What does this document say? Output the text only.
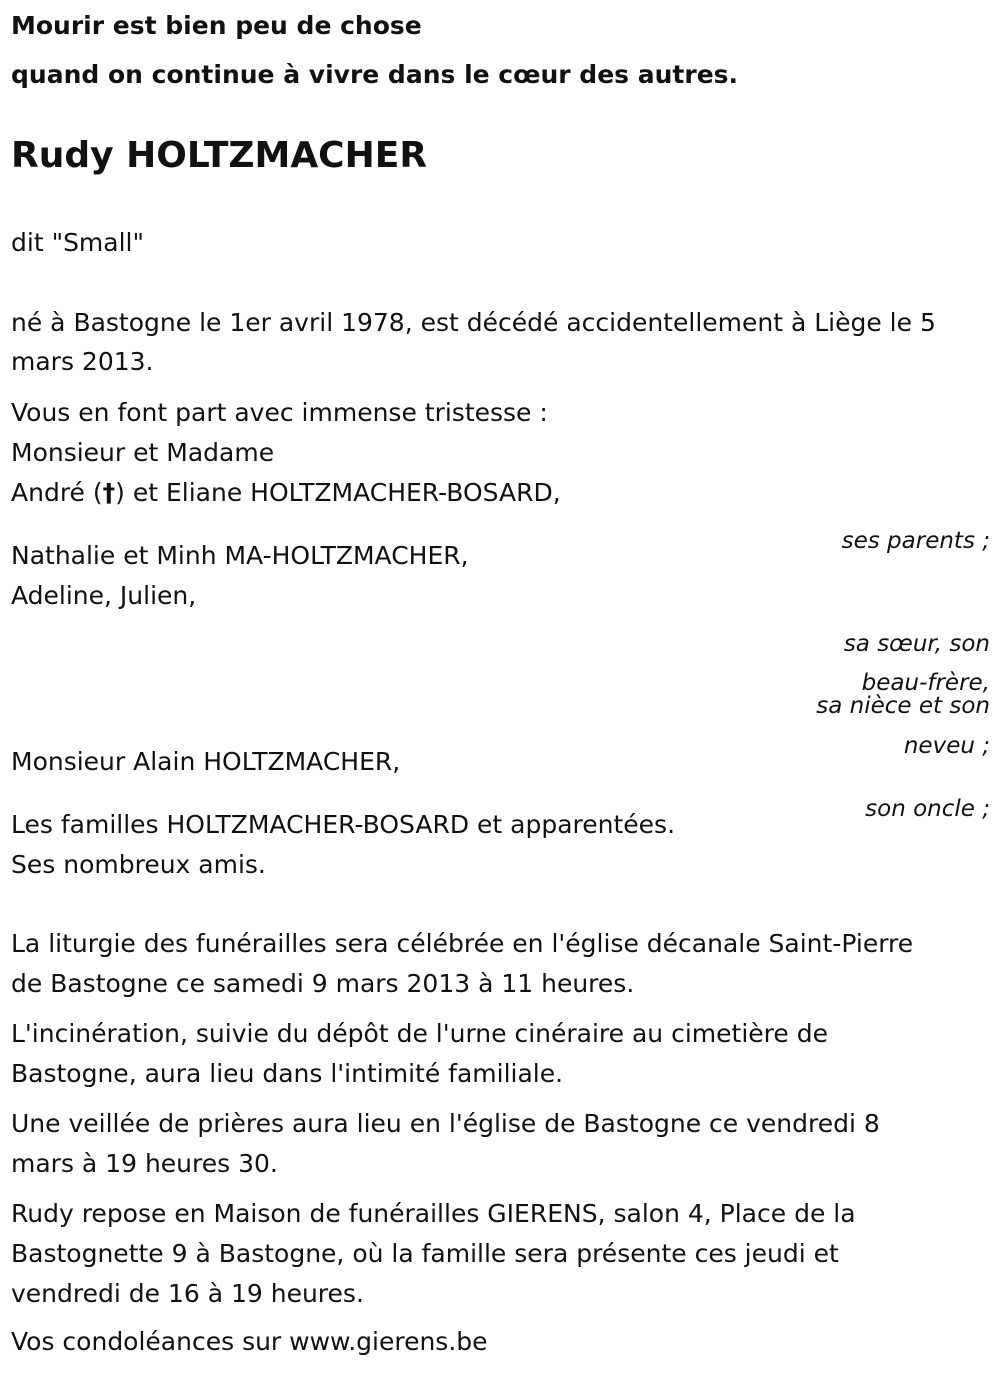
Mourir est bien peu de chose

quand on continue à vivre dans le cœur des autres.

Rudy HOLTZMACHER

dit "Small"

né à Bastogne le 1er avril 1978, est décédé accidentellement à Liège le 5

mars 2013.

Vous en font part avec immense tristesse :

Monsieur et Madame

André (†) et Eliane HOLTZMACHER-BOSARD,

ses parents ;

Nathalie et Minh MA-HOLTZMACHER,

Adeline, Julien,

sa sœur, son

beau-frère,

sa nièce et son

neveu ;

Monsieur Alain HOLTZMACHER,

son oncle ;

Les familles HOLTZMACHER-BOSARD et apparentées.

Ses nombreux amis.

La liturgie des funérailles sera célébrée en l'église décanale Saint-Pierre

de Bastogne ce samedi 9 mars 2013 à 11 heures.

L'incinération, suivie du dépôt de l'urne cinéraire au cimetière de

Bastogne, aura lieu dans l'intimité familiale.

Une veillée de prières aura lieu en l'église de Bastogne ce vendredi 8

mars à 19 heures 30.

Rudy repose en Maison de funérailles GIERENS, salon 4, Place de la

Bastognette 9 à Bastogne, où la famille sera présente ces jeudi et

vendredi de 16 à 19 heures.

Vos condoléances sur www.gierens.be
